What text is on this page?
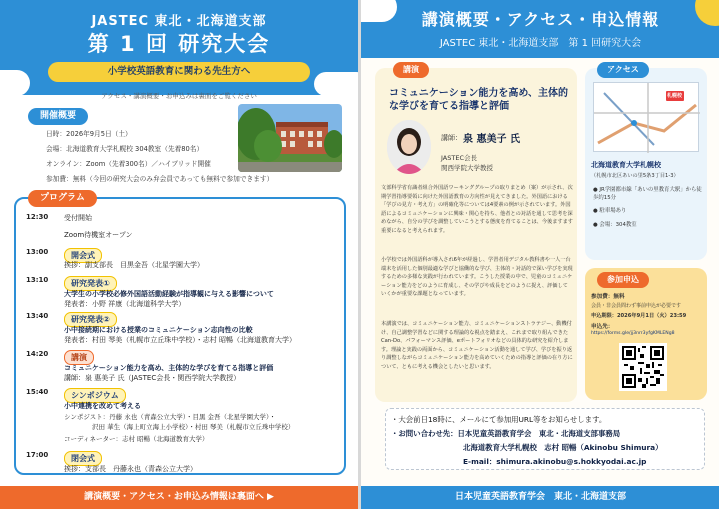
JASTEC 東北・北海道支部
第 1 回 研究大会
小学校英語教育に関わる先生方へ
アクセス・講演概要・お申込みは裏面をご覧ください
開催概要
日時：2026年9月5日（土）
会場：北海道教育大学札幌校 304教室（先着80名）
オンライン：Zoom（先着300名）／ハイブリッド開催
参加費：無料（今回の研究大会のみ弁会員であっても無料で参加できます）
プログラム
12:30 受付開始
Zoom待機室オープン
13:00	開会式
挨拶：副支部長　目黒金吾（北星学園大学）
13:10	研究発表①
大学生の小学校必修外国語活動経験が指導観に与える影響について
発表者：小野 祥康（北海道科学大学）
13:40	研究発表②
小中接続期における授業のコミュニケーション志向性の比較
発表者：村田 琴美（札幌市立丘珠中学校）・志村 昭暢（北海道教育大学）
14:20	講演
コミュニケーション能力を高め、主体的な学びを育てる指導と評価
講師：泉 惠美子 氏（JASTEC会長・関西学院大学教授）
15:40	シンポジウム
小中連携を改めて考える
シンポジスト：丹藤 永也（青森公立大学）・目黒 金吾（北星学園大学）・
沢田 華生（海上町立海上小学校）・村田 琴美（札幌市立丘珠中学校）
コーディネーター：志村 昭暢（北海道教育大学）
17:00	閉会式
挨拶：支部長　丹藤永也（青森公立大学）
講演概要・アクセス・お申込み情報は裏面へ ▶
講演概要・アクセス・申込情報
JASTEC 東北・北海道支部　第 1 回研究大会
講演
コミュニケーション能力を高め、主体的な学びを育てる指導と評価
講師： 泉 惠美子 氏
JASTEC会長
関西学院大学教授
文部科学省有識者組合外国語ワーキンググループの取りまとめ（案）が示され、次期学習指導要領に向けた外国語教育の方向性が見えてきました。外国語における「学びの見方・考え方」の明確化等については4要素の例が示されています。外国語によるコミュニケーションに興味・関心を持ち、他者との対話を通して思考を深めながら、自分の学びを調整していこうとする態度を育てることは、今後ますます重要になると考えられます。
小学校では外国語科が導入され6年が経過し、学習者用デジタル教科書や一人一台端末を活用した個別最適な学びと協働的な学び、主体的・対話的で深い学びを実現するための多様な実践が行われています。こうした授業の中で、児童のコミュニケーション能力をどのように育成し、その学びや成長をどのように捉え、評価していくかが重要な課題となっています。
本講演では、コミュニケーション能力、コミュニケーションストラテジー、動機付け、自己調整学習などに関する理論的な視点を踏まえ、これまで取り組んできたCan-Do、パフォーマンス評価、eポートフォリオなどの具体的な研究を紹介します。理論と実践の両面から、コミュニケーション活動を通して学び、学びを振り返り調整しながらコミュニケーション能力を高めていくための指導と評価の在り方について、ともに考える機会としたいと思います。
アクセス
札幌校
北海道教育大学札幌校
（札幌市北区あいの里5条3丁目1-3）
● JR学園都市線「あいの里教育大駅」から徒歩約15分
● 駐車場あり
● 会場：304教室
参加申込
参加費：無料
会員・非会員問わず事前申込が必要です
申込期限：2026年9月1日（火）23:59
申込先：
https://forms.gle/jj3nrr3yfgKMLENg8
・大会前日18時に、メールにて参加用URL等をお知らせします。
・お問い合わせ先：日本児童英語教育学会　東北・北海道支部事務局
北海道教育大学札幌校　志村 昭暢（Akinobu Shimura）
E-mail：shimura.akinobu@s.hokkyodai.ac.jp
日本児童英語教育学会　東北・北海道支部
